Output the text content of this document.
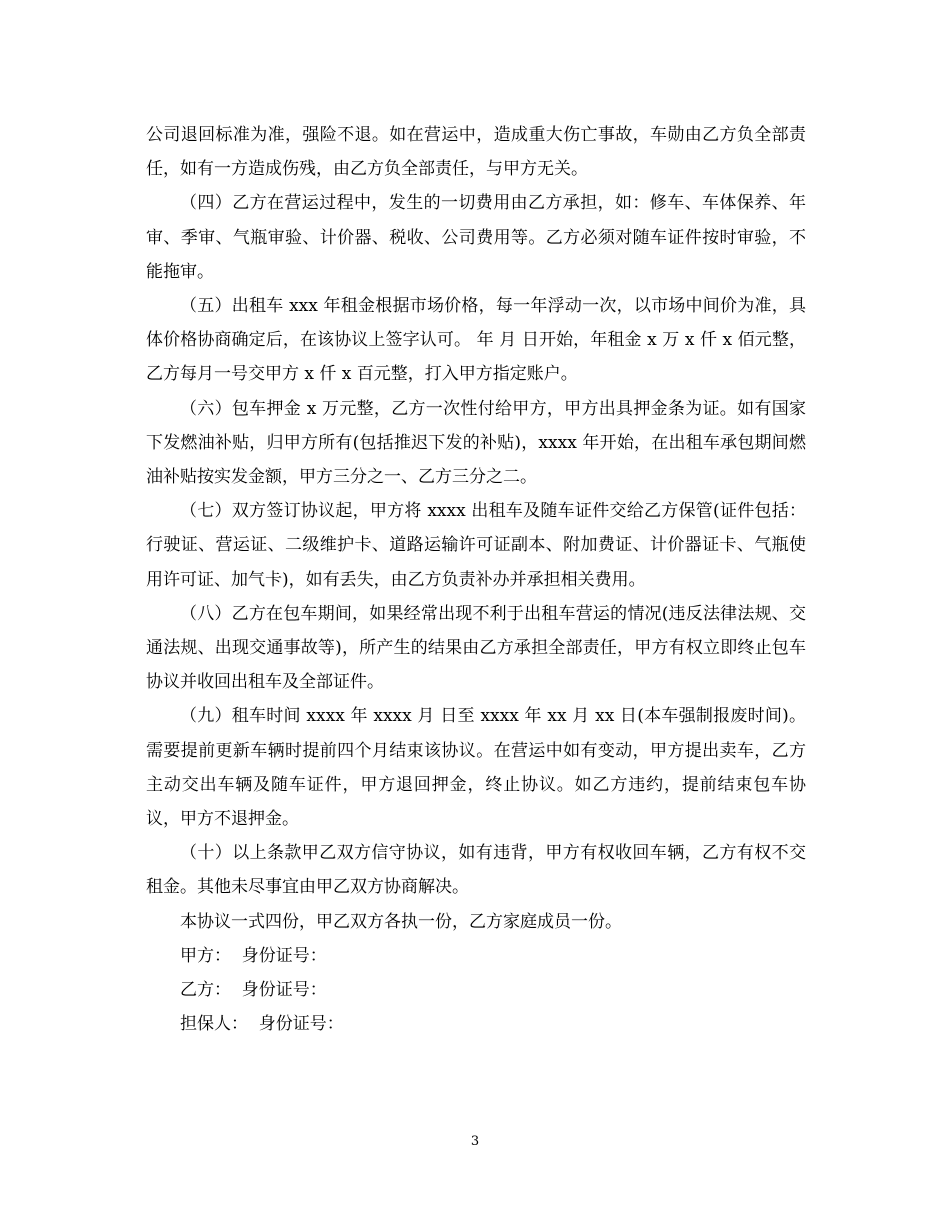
公司退回标准为准，强险不退。如在营运中，造成重大伤亡事故，车勋由乙方负全部责任，如有一方造成伤残，由乙方负全部责任，与甲方无关。

（四）乙方在营运过程中，发生的一切费用由乙方承担，如：修车、车体保养、年审、季审、气瓶审验、计价器、税收、公司费用等。乙方必须对随车证件按时审验，不能拖审。

（五）出租车 xxx 年租金根据市场价格，每一年浮动一次，以市场中间价为准，具体价格协商确定后，在该协议上签字认可。 年 月 日开始，年租金 x 万 x 仟 x 佰元整，乙方每月一号交甲方 x 仟 x 百元整，打入甲方指定账户。

（六）包车押金 x 万元整，乙方一次性付给甲方，甲方出具押金条为证。如有国家下发燃油补贴，归甲方所有(包括推迟下发的补贴)，xxxx 年开始，在出租车承包期间燃油补贴按实发金额，甲方三分之一、乙方三分之二。

（七）双方签订协议起，甲方将 xxxx 出租车及随车证件交给乙方保管(证件包括：行驶证、营运证、二级维护卡、道路运输许可证副本、附加费证、计价器证卡、气瓶使用许可证、加气卡)，如有丢失，由乙方负责补办并承担相关费用。

（八）乙方在包车期间，如果经常出现不利于出租车营运的情况(违反法律法规、交通法规、出现交通事故等)，所产生的结果由乙方承担全部责任，甲方有权立即终止包车协议并收回出租车及全部证件。

（九）租车时间 xxxx 年 xxxx 月 日至 xxxx 年 xx 月 xx 日(本车强制报废时间)。需要提前更新车辆时提前四个月结束该协议。在营运中如有变动，甲方提出卖车，乙方主动交出车辆及随车证件，甲方退回押金，终止协议。如乙方违约，提前结束包车协议，甲方不退押金。

（十）以上条款甲乙双方信守协议，如有违背，甲方有权收回车辆，乙方有权不交租金。其他未尽事宜由甲乙双方协商解决。

本协议一式四份，甲乙双方各执一份，乙方家庭成员一份。

甲方：  身份证号：

乙方：  身份证号：

担保人：  身份证号：

3
